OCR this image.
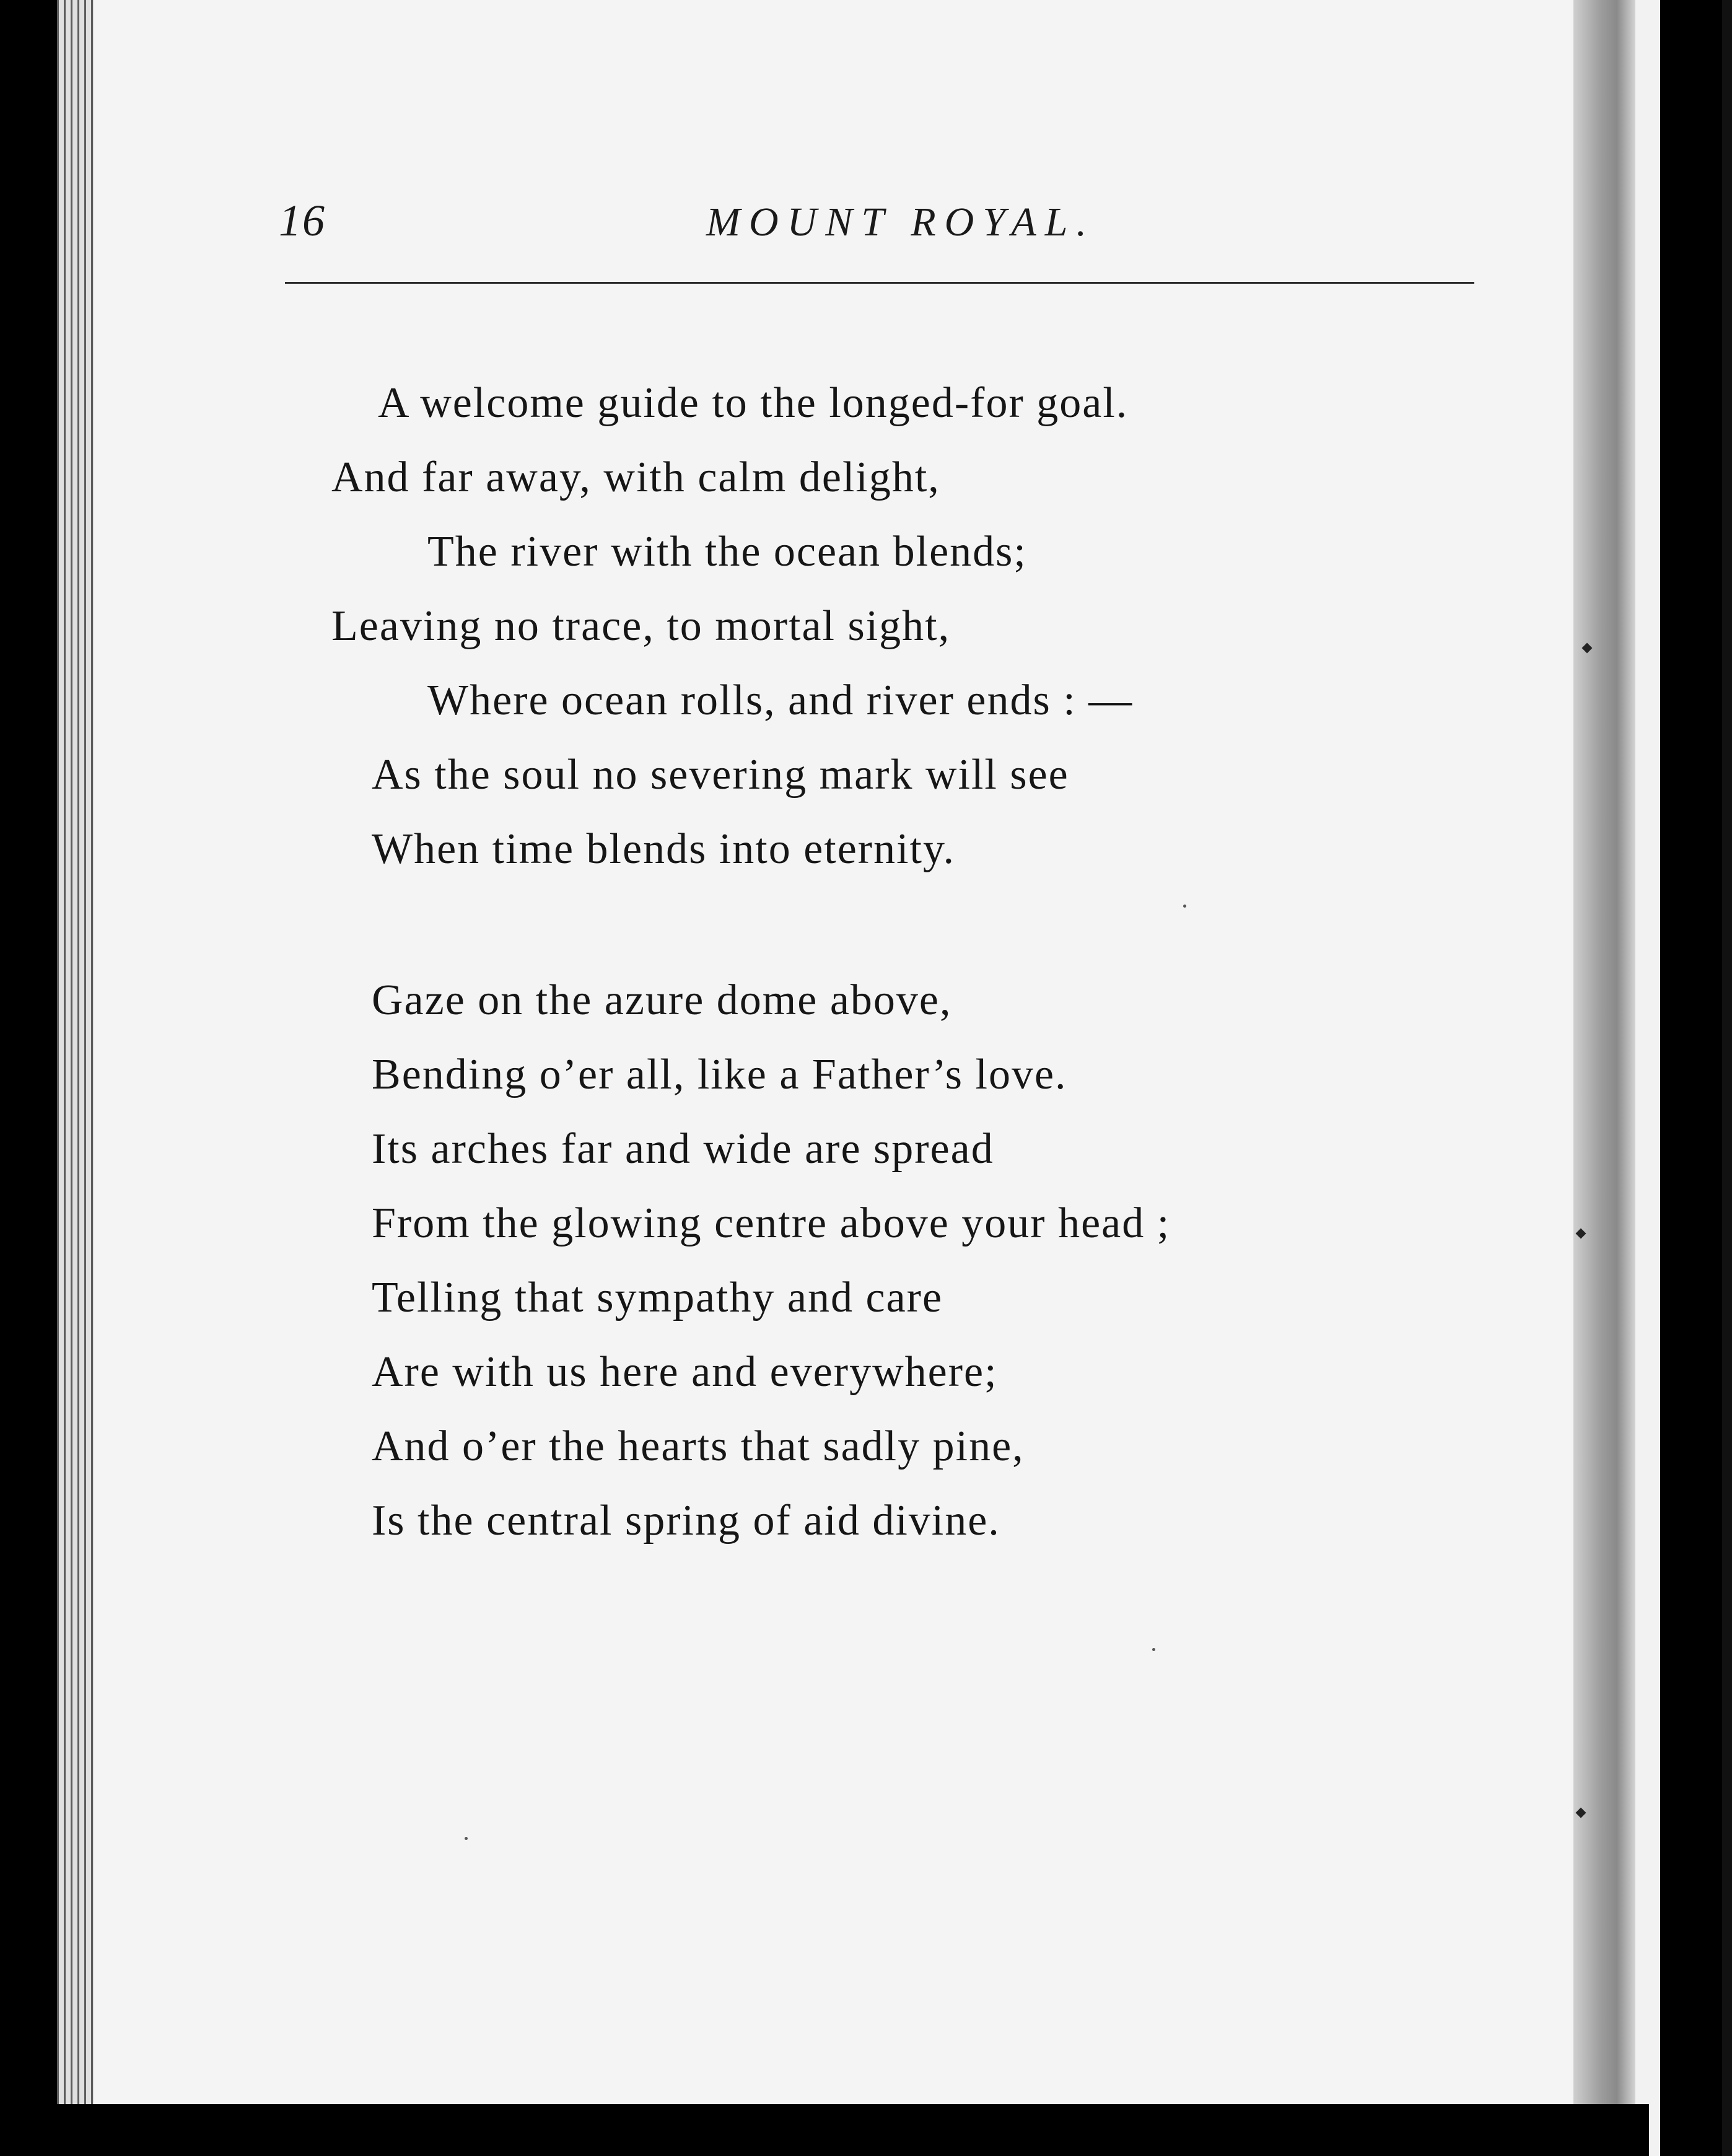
16	MOUNT ROYAL.
A welcome guide to the longed-for goal.
And far away, with calm delight,
The river with the ocean blends;
Leaving no trace, to mortal sight,
Where ocean rolls, and river ends : —
As the soul no severing mark will see
When time blends into eternity.
Gaze on the azure dome above,
Bending o’er all, like a Father’s love.
Its arches far and wide are spread
From the glowing centre above your head ;
Telling that sympathy and care
Are with us here and everywhere;
And o’er the hearts that sadly pine,
Is the central spring of aid divine.
